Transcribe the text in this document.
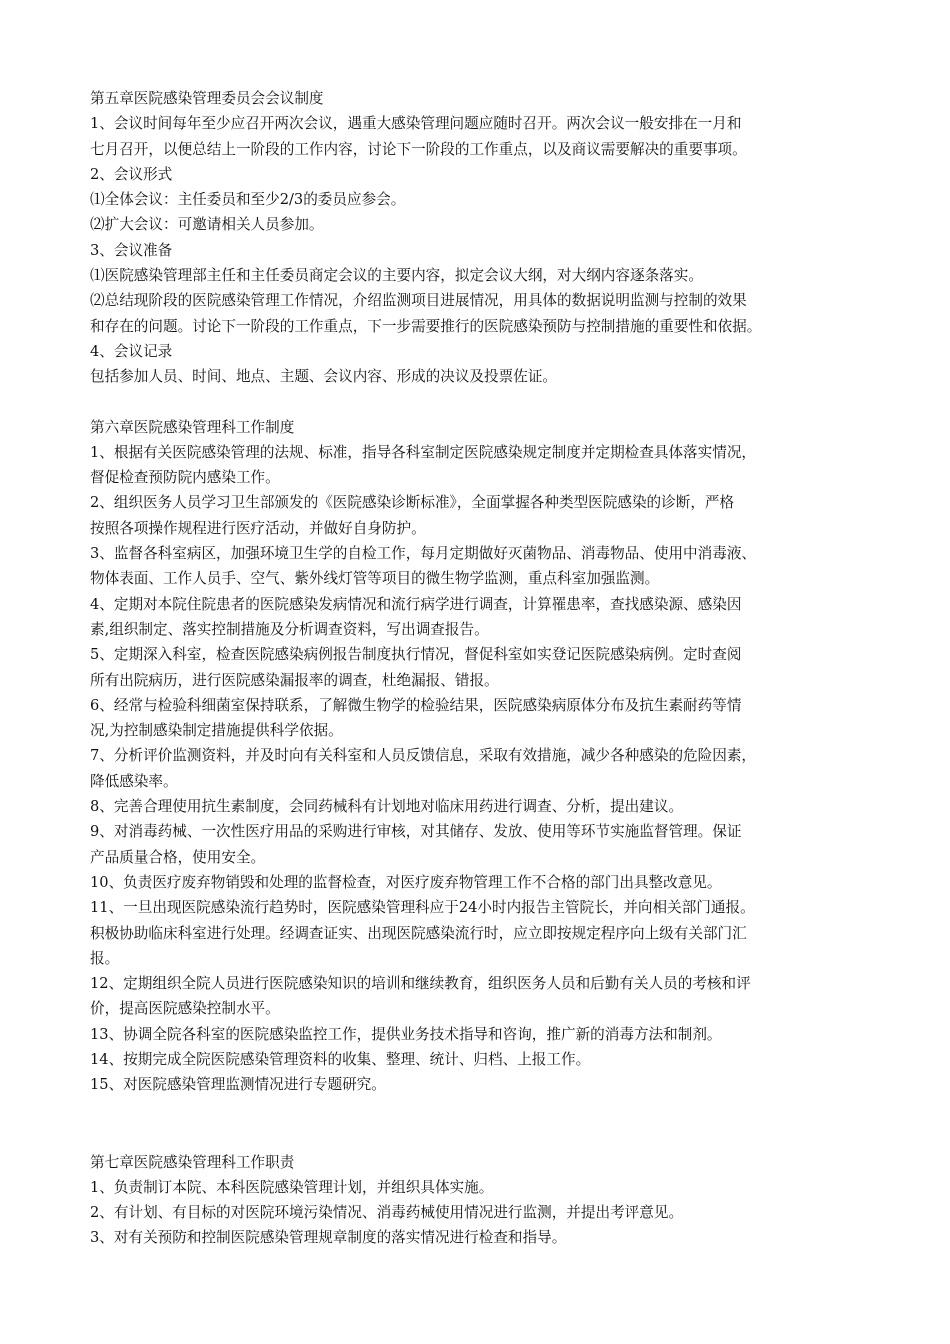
第五章医院感染管理委员会会议制度
1、会议时间每年至少应召开两次会议，遇重大感染管理问题应随时召开。两次会议一般安排在一月和
七月召开，以便总结上一阶段的工作内容，讨论下一阶段的工作重点，以及商议需要解决的重要事项。
2、会议形式
⑴全体会议：主任委员和至少2/3的委员应参会。
⑵扩大会议：可邀请相关人员参加。
3、会议准备
⑴医院感染管理部主任和主任委员商定会议的主要内容，拟定会议大纲，对大纲内容逐条落实。
⑵总结现阶段的医院感染管理工作情况，介绍监测项目进展情况，用具体的数据说明监测与控制的效果
和存在的问题。讨论下一阶段的工作重点，下一步需要推行的医院感染预防与控制措施的重要性和依据。
4、会议记录
包括参加人员、时间、地点、主题、会议内容、形成的决议及投票佐证。
第六章医院感染管理科工作制度
1、根据有关医院感染管理的法规、标准，指导各科室制定医院感染规定制度并定期检查具体落实情况，
督促检查预防院内感染工作。
2、组织医务人员学习卫生部颁发的《医院感染诊断标准》，全面掌握各种类型医院感染的诊断，严格
按照各项操作规程进行医疗活动，并做好自身防护。
3、监督各科室病区，加强环境卫生学的自检工作，每月定期做好灭菌物品、消毒物品、使用中消毒液、
物体表面、工作人员手、空气、紫外线灯管等项目的微生物学监测，重点科室加强监测。
4、定期对本院住院患者的医院感染发病情况和流行病学进行调查，计算罹患率，查找感染源、感染因
素,组织制定、落实控制措施及分析调查资料，写出调查报告。
5、定期深入科室，检查医院感染病例报告制度执行情况，督促科室如实登记医院感染病例。定时查阅
所有出院病历，进行医院感染漏报率的调查，杜绝漏报、错报。
6、经常与检验科细菌室保持联系，了解微生物学的检验结果，医院感染病原体分布及抗生素耐药等情
况,为控制感染制定措施提供科学依据。
7、分析评价监测资料，并及时向有关科室和人员反馈信息，采取有效措施，减少各种感染的危险因素，
降低感染率。
8、完善合理使用抗生素制度，会同药械科有计划地对临床用药进行调查、分析，提出建议。
9、对消毒药械、一次性医疗用品的采购进行审核，对其储存、发放、使用等环节实施监督管理。保证
产品质量合格，使用安全。
10、负责医疗废弃物销毁和处理的监督检查，对医疗废弃物管理工作不合格的部门出具整改意见。
11、一旦出现医院感染流行趋势时，医院感染管理科应于24小时内报告主管院长，并向相关部门通报。
积极协助临床科室进行处理。经调查证实、出现医院感染流行时，应立即按规定程序向上级有关部门汇
报。
12、定期组织全院人员进行医院感染知识的培训和继续教育，组织医务人员和后勤有关人员的考核和评
价，提高医院感染控制水平。
13、协调全院各科室的医院感染监控工作，提供业务技术指导和咨询，推广新的消毒方法和制剂。
14、按期完成全院医院感染管理资料的收集、整理、统计、归档、上报工作。
15、对医院感染管理监测情况进行专题研究。
第七章医院感染管理科工作职责
1、负责制订本院、本科医院感染管理计划，并组织具体实施。
2、有计划、有目标的对医院环境污染情况、消毒药械使用情况进行监测，并提出考评意见。
3、对有关预防和控制医院感染管理规章制度的落实情况进行检查和指导。
